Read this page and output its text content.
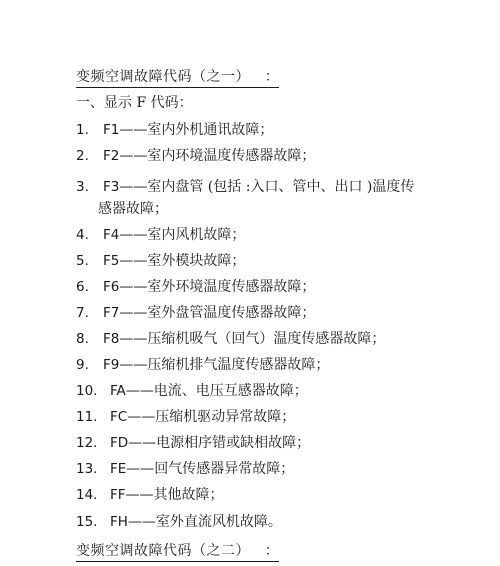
变频空调故障代码（之一） ：
一、显示 F 代码：
1. F1——室内外机通讯故障；
2. F2——室内环境温度传感器故障；
3. F3——室内盘管 (包括 :入口、管中、出口 )温度传
感器故障；
4. F4——室内风机故障；
5. F5——室外模块故障；
6. F6——室外环境温度传感器故障；
7. F7——室外盘管温度传感器故障；
8. F8——压缩机吸气（回气）温度传感器故障；
9. F9——压缩机排气温度传感器故障；
10. FA——电流、电压互感器故障；
11. FC——压缩机驱动异常故障；
12. FD——电源相序错或缺相故障；
13. FE——回气传感器异常故障；
14. FF——其他故障；
15. FH——室外直流风机故障。
变频空调故障代码（之二） ：
